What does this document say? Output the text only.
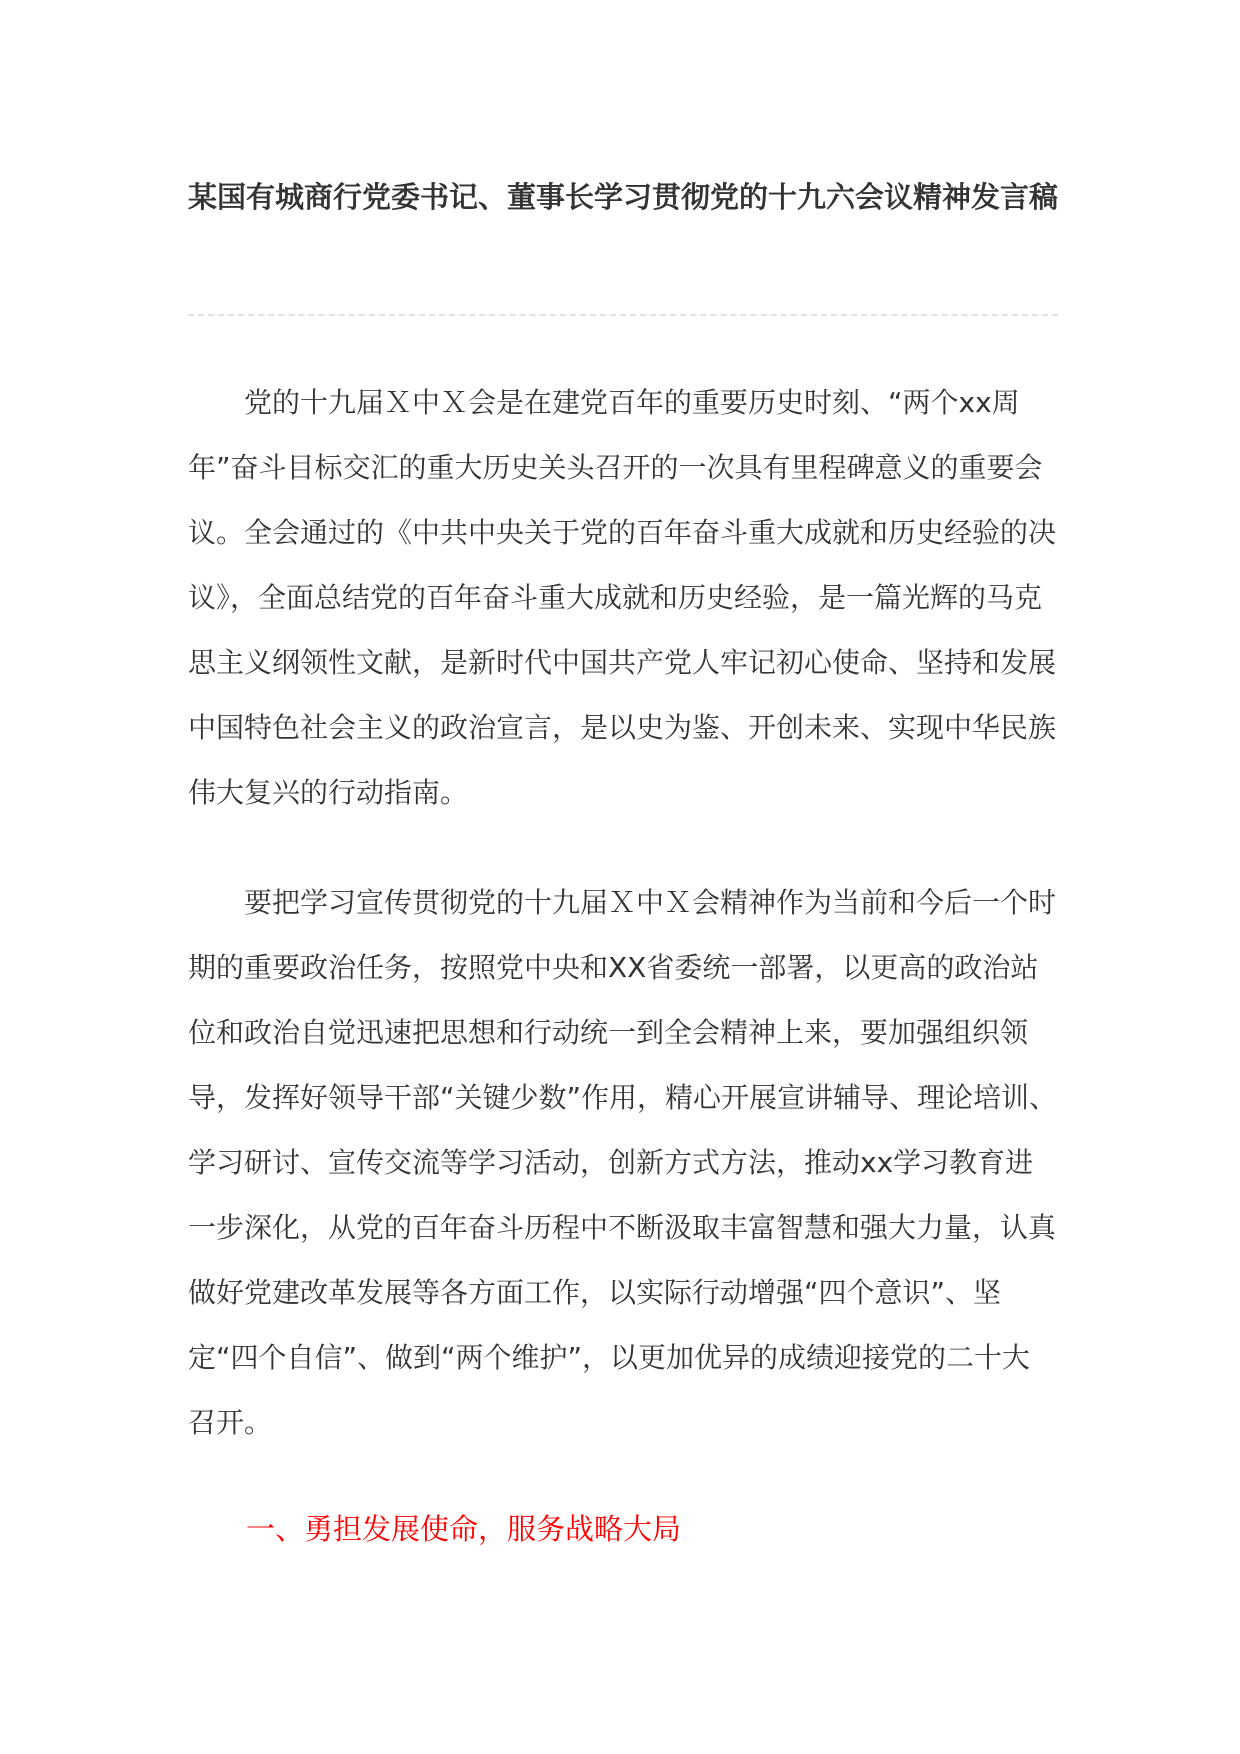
某国有城商行党委书记、董事长学习贯彻党的十九六会议精神发言稿

党的十九届Ｘ中Ｘ会是在建党百年的重要历史时刻、“两个xx周年”奋斗目标交汇的重大历史关头召开的一次具有里程碑意义的重要会议。全会通过的《中共中央关于党的百年奋斗重大成就和历史经验的决议》，全面总结党的百年奋斗重大成就和历史经验，是一篇光辉的马克思主义纲领性文献，是新时代中国共产党人牢记初心使命、坚持和发展中国特色社会主义的政治宣言，是以史为鉴、开创未来、实现中华民族伟大复兴的行动指南。

要把学习宣传贯彻党的十九届Ｘ中Ｘ会精神作为当前和今后一个时期的重要政治任务，按照党中央和XX省委统一部署，以更高的政治站位和政治自觉迅速把思想和行动统一到全会精神上来，要加强组织领导，发挥好领导干部“关键少数”作用，精心开展宣讲辅导、理论培训、学习研讨、宣传交流等学习活动，创新方式方法，推动xx学习教育进一步深化，从党的百年奋斗历程中不断汲取丰富智慧和强大力量，认真做好党建改革发展等各方面工作，以实际行动增强“四个意识”、坚定“四个自信”、做到“两个维护”，以更加优异的成绩迎接党的二十大召开。

一、勇担发展使命，服务战略大局
